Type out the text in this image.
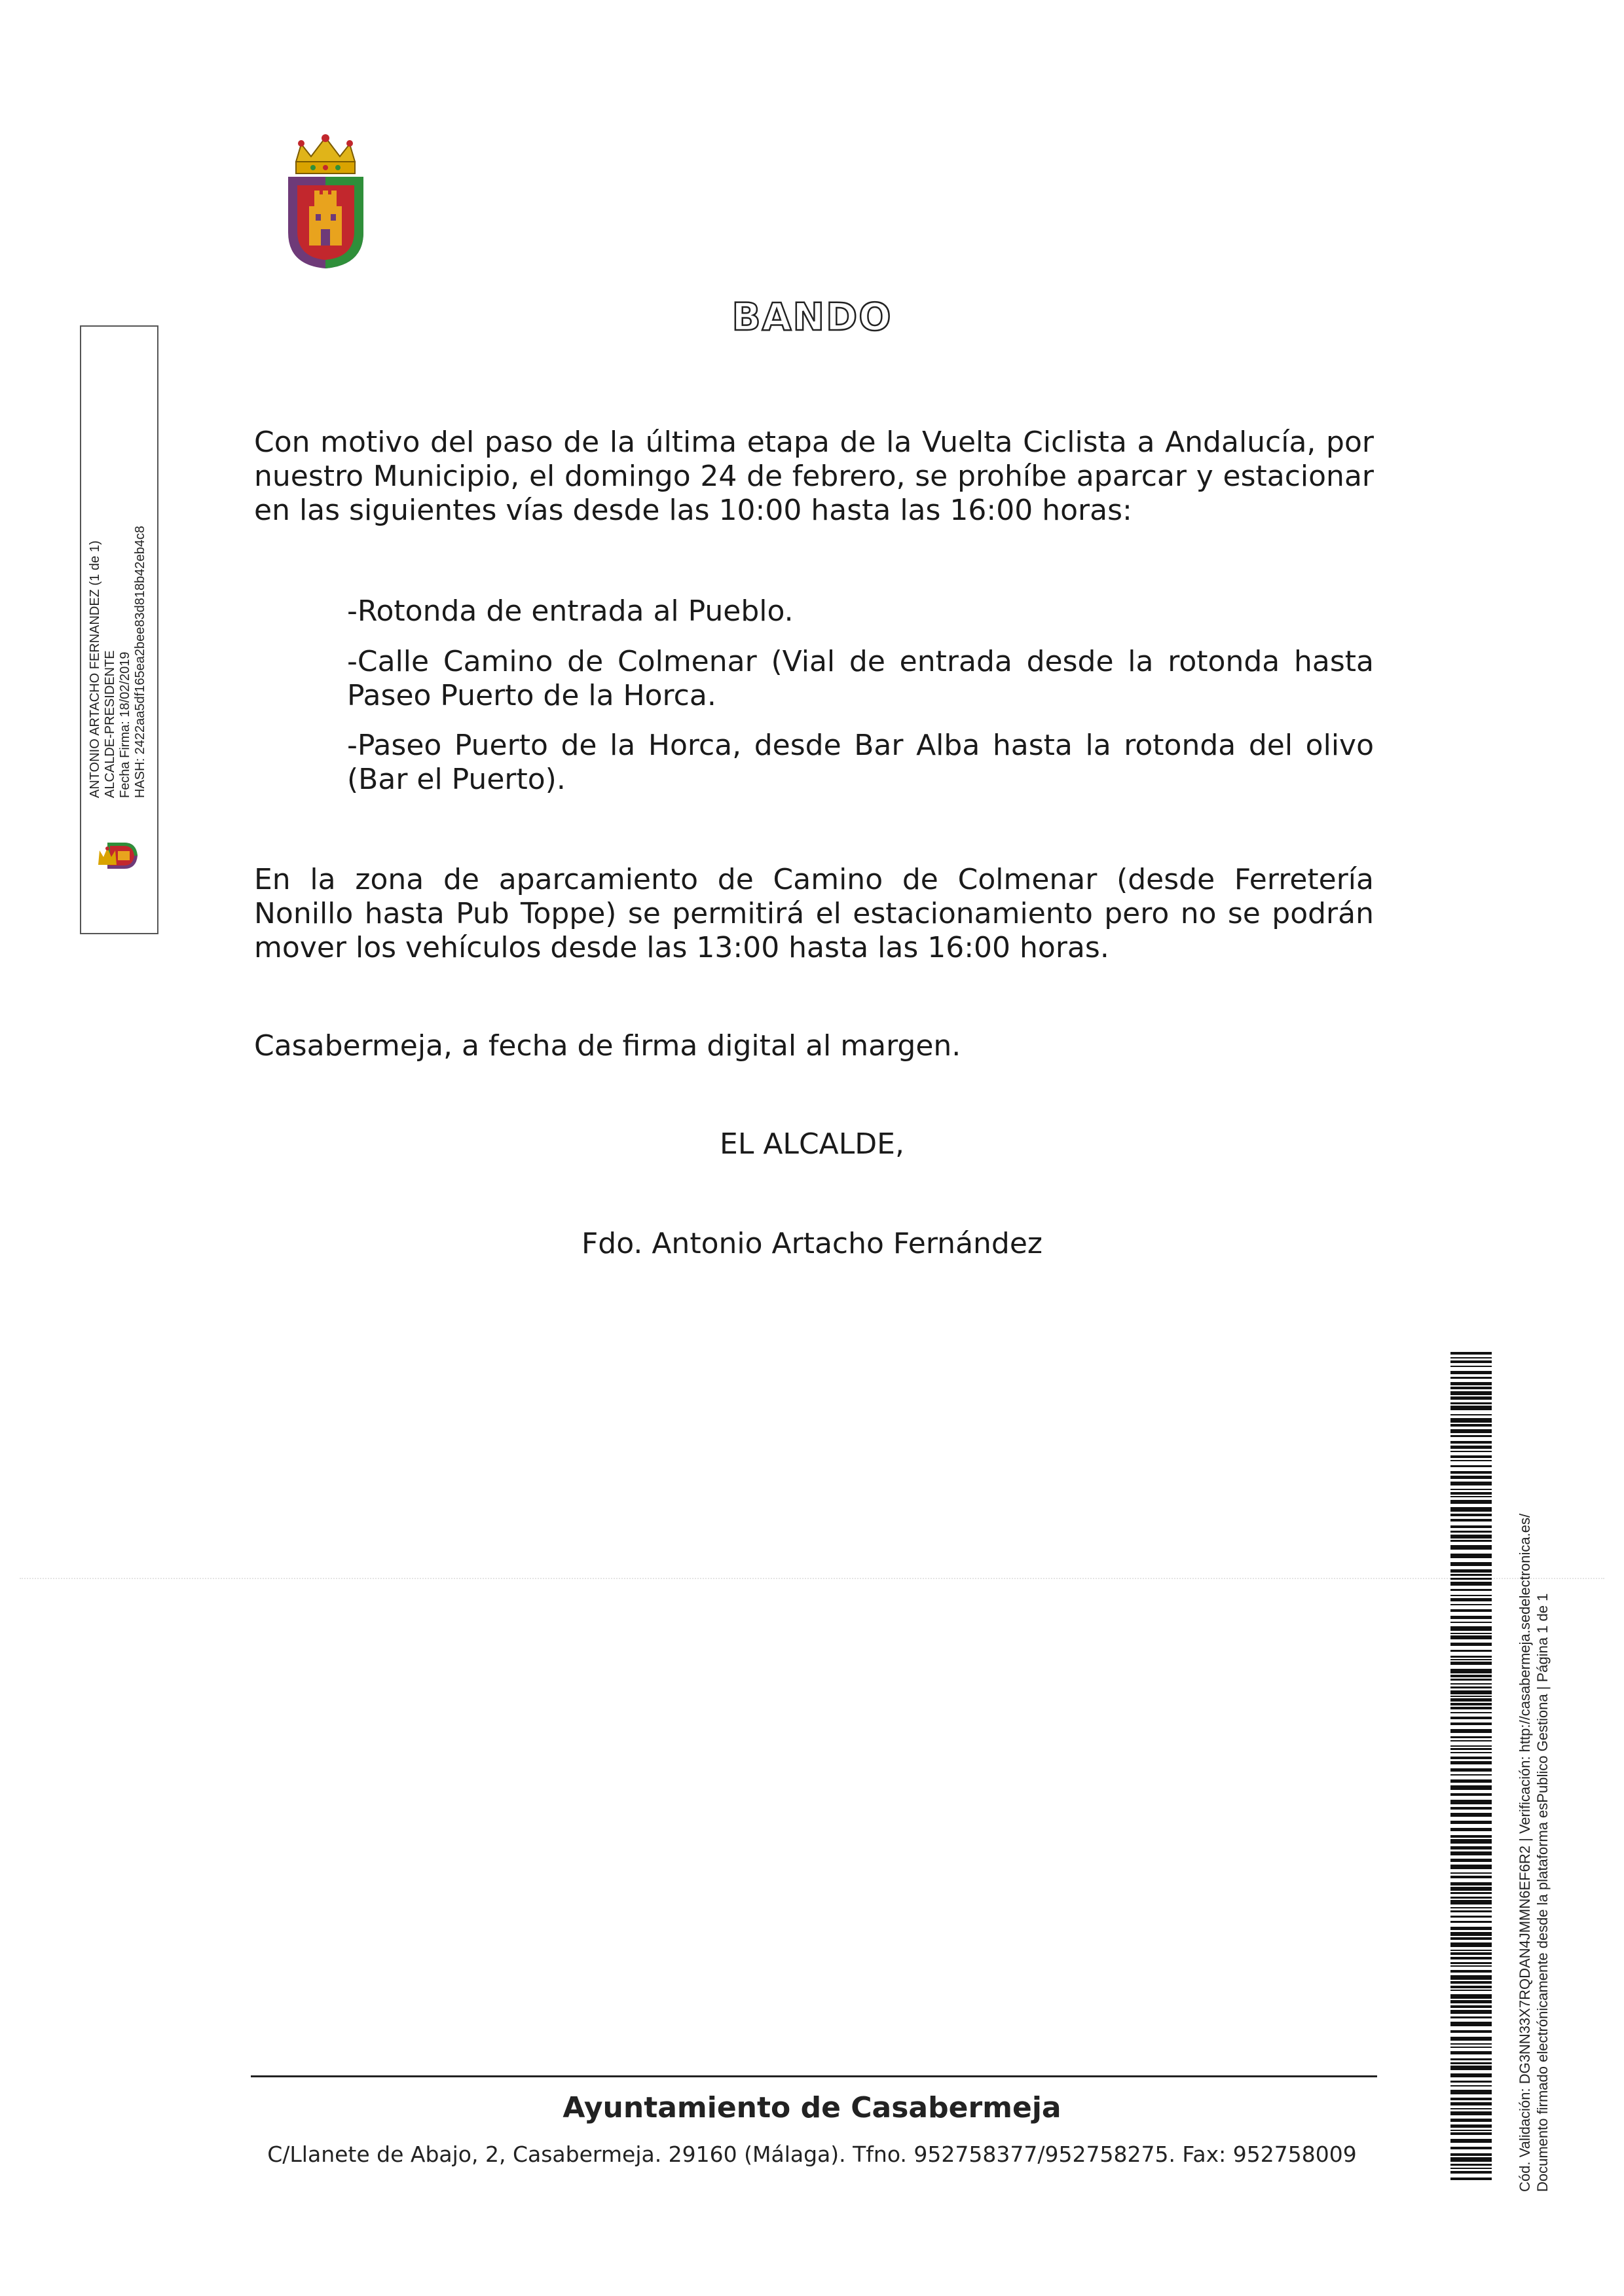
BANDO
Con motivo del paso de la última etapa de la Vuelta Ciclista a Andalucía, por nuestro Municipio, el domingo 24 de febrero, se prohíbe aparcar y estacionar en las siguientes vías desde las 10:00 hasta las 16:00 horas:
-Rotonda de entrada al Pueblo.
-Calle Camino de Colmenar (Vial de entrada desde la rotonda hasta Paseo Puerto de la Horca.
-Paseo Puerto de la Horca, desde Bar Alba hasta la rotonda del olivo (Bar el Puerto).
En la zona de aparcamiento de Camino de Colmenar (desde Ferretería Nonillo hasta Pub Toppe) se permitirá el estacionamiento pero no se podrán mover los vehículos desde las 13:00 hasta las 16:00 horas.
Casabermeja, a fecha de firma digital al margen.
EL ALCALDE,
Fdo. Antonio Artacho Fernández
ANTONIO ARTACHO FERNANDEZ (1 de 1) ALCALDE-PRESIDENTE Fecha Firma: 18/02/2019 HASH: 2422aa5df165ea2bee83d818b42eb4c8
Cód. Validación: DG3NN33X7RQDAN4JMMN6EF6R2 | Verificación: http://casabermeja.sedelectronica.es/ Documento firmado electrónicamente desde la plataforma esPublico Gestiona | Página 1 de 1
Ayuntamiento de Casabermeja
C/Llanete de Abajo, 2, Casabermeja. 29160 (Málaga). Tfno. 952758377/952758275. Fax: 952758009
